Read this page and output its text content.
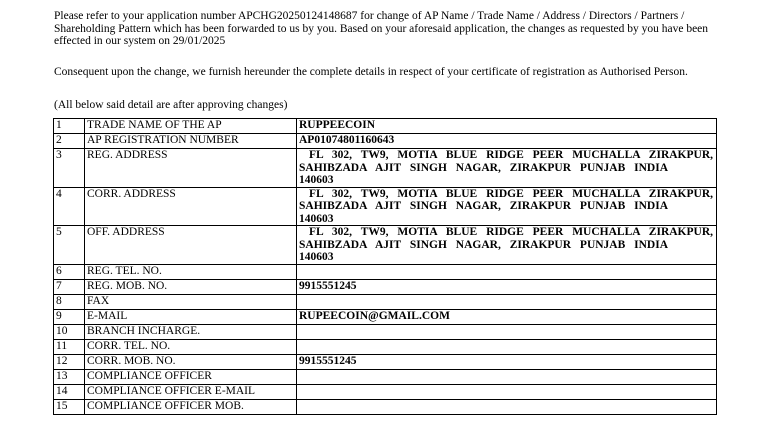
Please refer to your application number APCHG20250124148687 for change of AP Name / Trade Name / Address / Directors / Partners / Shareholding Pattern which has been forwarded to us by you. Based on your aforesaid application, the changes as requested by you have been effected in our system on 29/01/2025

Consequent upon the change, we furnish hereunder the complete details in respect of your certificate of registration as Authorised Person.

(All below said detail are after approving changes)

1	TRADE NAME OF THE AP	RUPPEECOIN
2	AP REGISTRATION NUMBER	AP01074801160643
3	REG. ADDRESS	FL 302, TW9, MOTIA BLUE RIDGE PEER MUCHALLA ZIRAKPUR,
SAHIBZADA AJIT SINGH NAGAR, ZIRAKPUR PUNJAB INDIA
140603

4	CORR. ADDRESS	FL 302, TW9, MOTIA BLUE RIDGE PEER MUCHALLA ZIRAKPUR,
SAHIBZADA AJIT SINGH NAGAR, ZIRAKPUR PUNJAB INDIA
140603

5	OFF. ADDRESS	FL 302, TW9, MOTIA BLUE RIDGE PEER MUCHALLA ZIRAKPUR,
SAHIBZADA AJIT SINGH NAGAR, ZIRAKPUR PUNJAB INDIA
140603

6	REG. TEL. NO.	
7	REG. MOB. NO.	9915551245
8	FAX	
9	E-MAIL	RUPEECOIN@GMAIL.COM
10	BRANCH INCHARGE.	
11	CORR. TEL. NO.	
12	CORR. MOB. NO.	9915551245
13	COMPLIANCE OFFICER	
14	COMPLIANCE OFFICER E-MAIL	
15	COMPLIANCE OFFICER MOB.	
